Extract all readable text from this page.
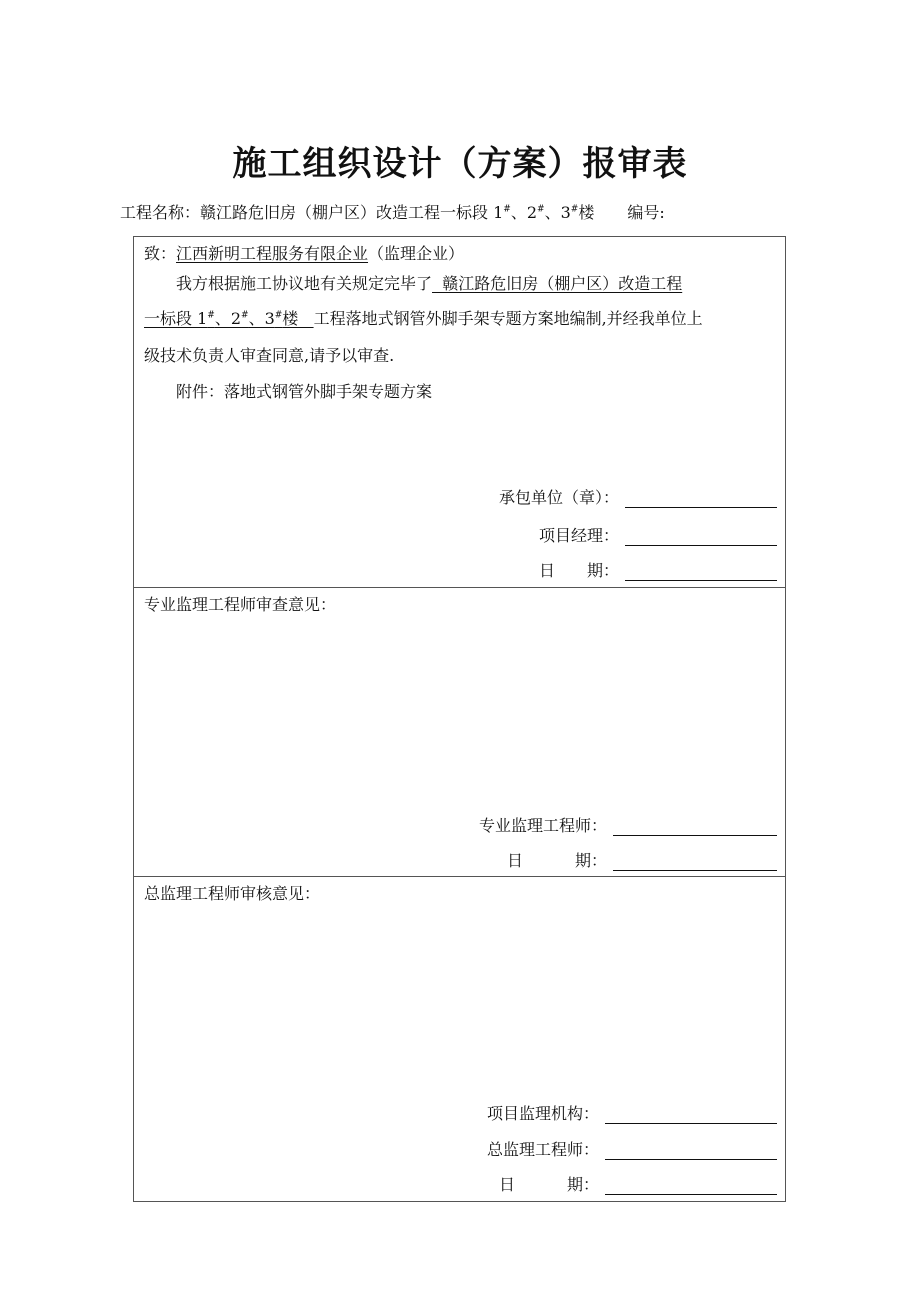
施工组织设计（方案）报审表
工程名称：赣江路危旧房（棚户区）改造工程一标段 1#、2#、3#楼 编号:
致：江西新明工程服务有限企业（监理企业）
我方根据施工协议地有关规定完毕了  赣江路危旧房（棚户区）改造工程
一标段 1#、2#、3#楼   工程落地式钢管外脚手架专题方案地编制,并经我单位上
级技术负责人审查同意,请予以审查.
附件：落地式钢管外脚手架专题方案
承包单位（章）：
项目经理：
日 期：
专业监理工程师审查意见：
专业监理工程师：
日	期：
总监理工程师审核意见：
项目监理机构：
总监理工程师：
日	期：
